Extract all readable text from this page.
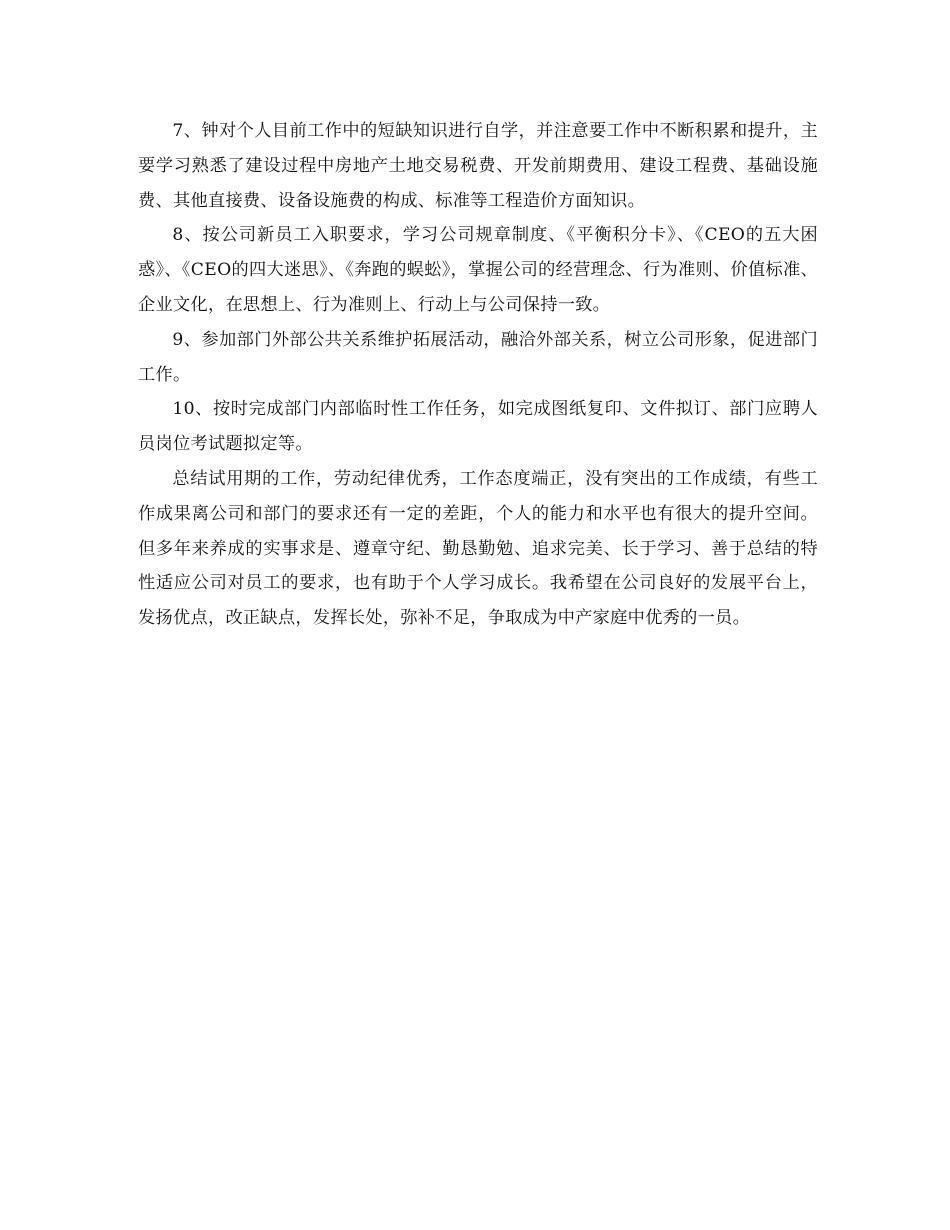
7、钟对个人目前工作中的短缺知识进行自学，并注意要工作中不断积累和提升，主要学习熟悉了建设过程中房地产土地交易税费、开发前期费用、建设工程费、基础设施费、其他直接费、设备设施费的构成、标准等工程造价方面知识。

8、按公司新员工入职要求，学习公司规章制度、《平衡积分卡》、《CEO的五大困惑》、《CEO的四大迷思》、《奔跑的蜈蚣》，掌握公司的经营理念、行为准则、价值标准、企业文化，在思想上、行为准则上、行动上与公司保持一致。

9、参加部门外部公共关系维护拓展活动，融洽外部关系，树立公司形象，促进部门工作。

10、按时完成部门内部临时性工作任务，如完成图纸复印、文件拟订、部门应聘人员岗位考试题拟定等。

总结试用期的工作，劳动纪律优秀，工作态度端正，没有突出的工作成绩，有些工作成果离公司和部门的要求还有一定的差距，个人的能力和水平也有很大的提升空间。但多年来养成的实事求是、遵章守纪、勤恳勤勉、追求完美、长于学习、善于总结的特性适应公司对员工的要求，也有助于个人学习成长。我希望在公司良好的发展平台上，发扬优点，改正缺点，发挥长处，弥补不足，争取成为中产家庭中优秀的一员。
